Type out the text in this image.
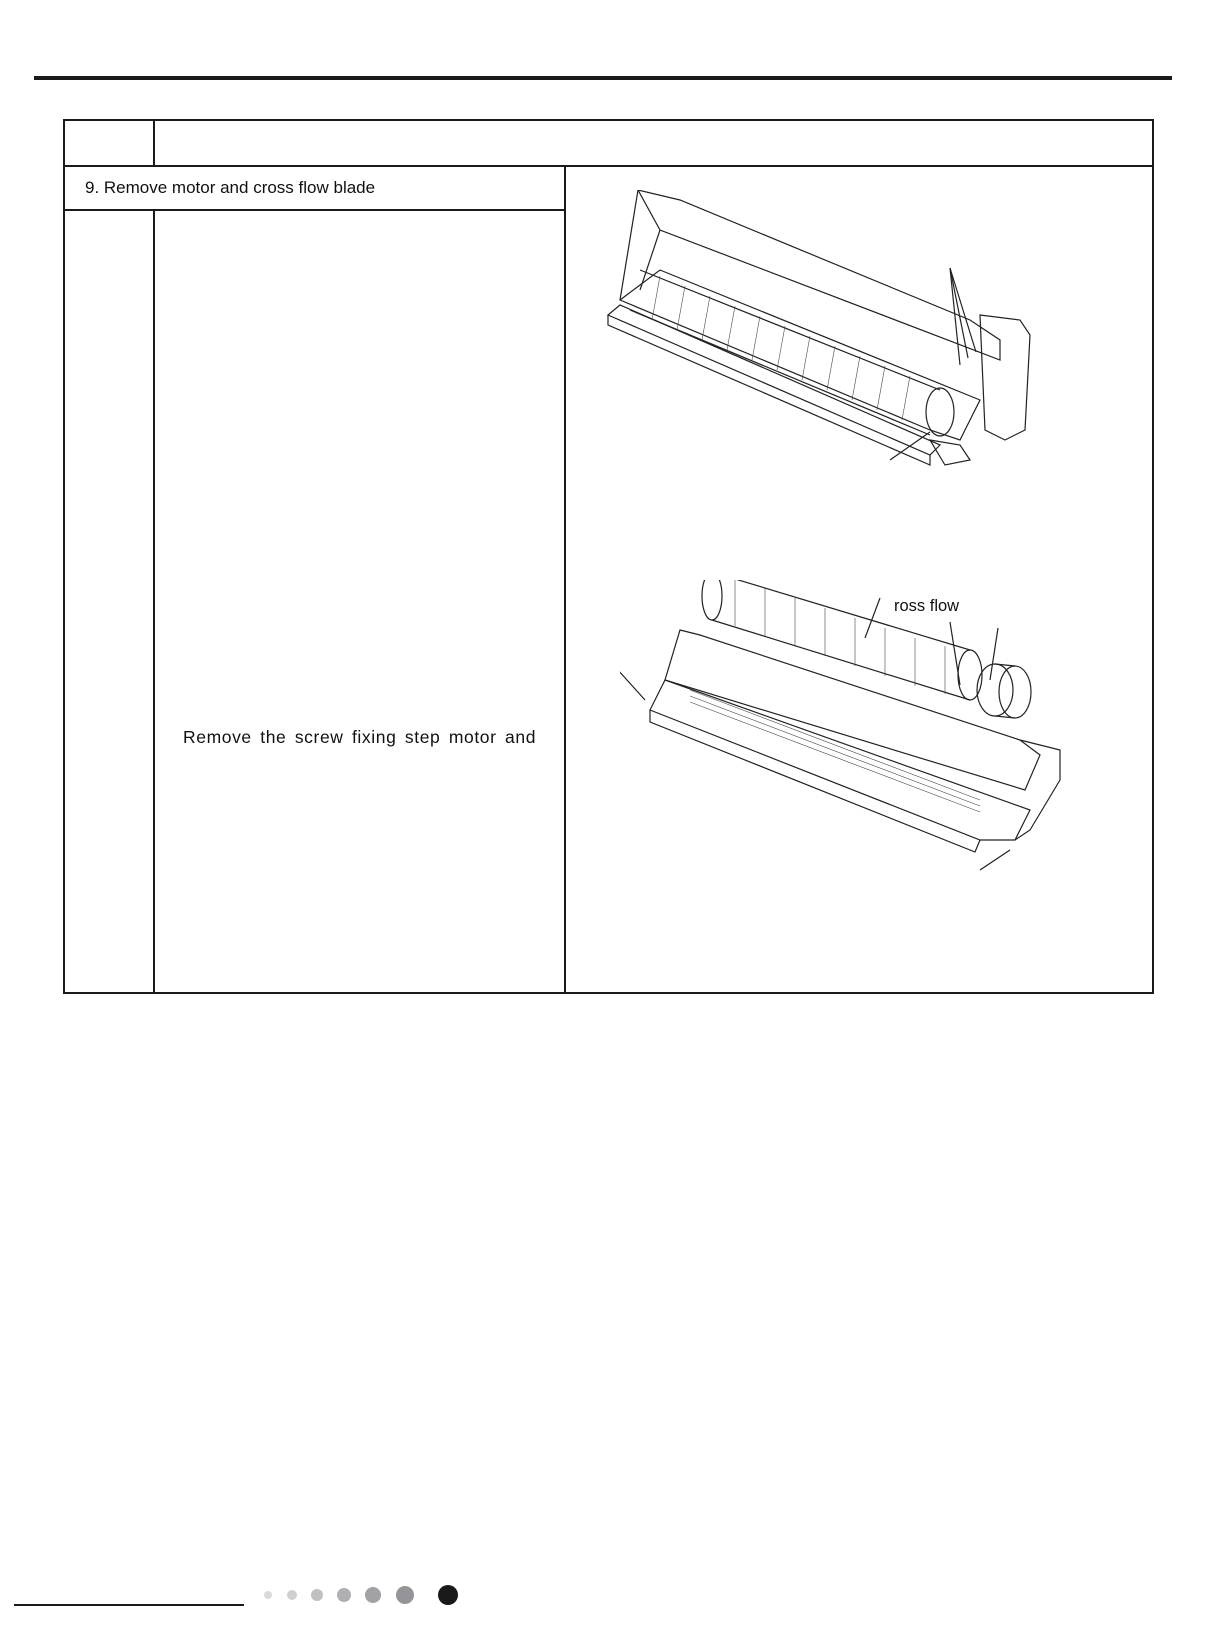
9. Remove motor and cross flow blade
Remove the screw fixing step motor and
ross flow
